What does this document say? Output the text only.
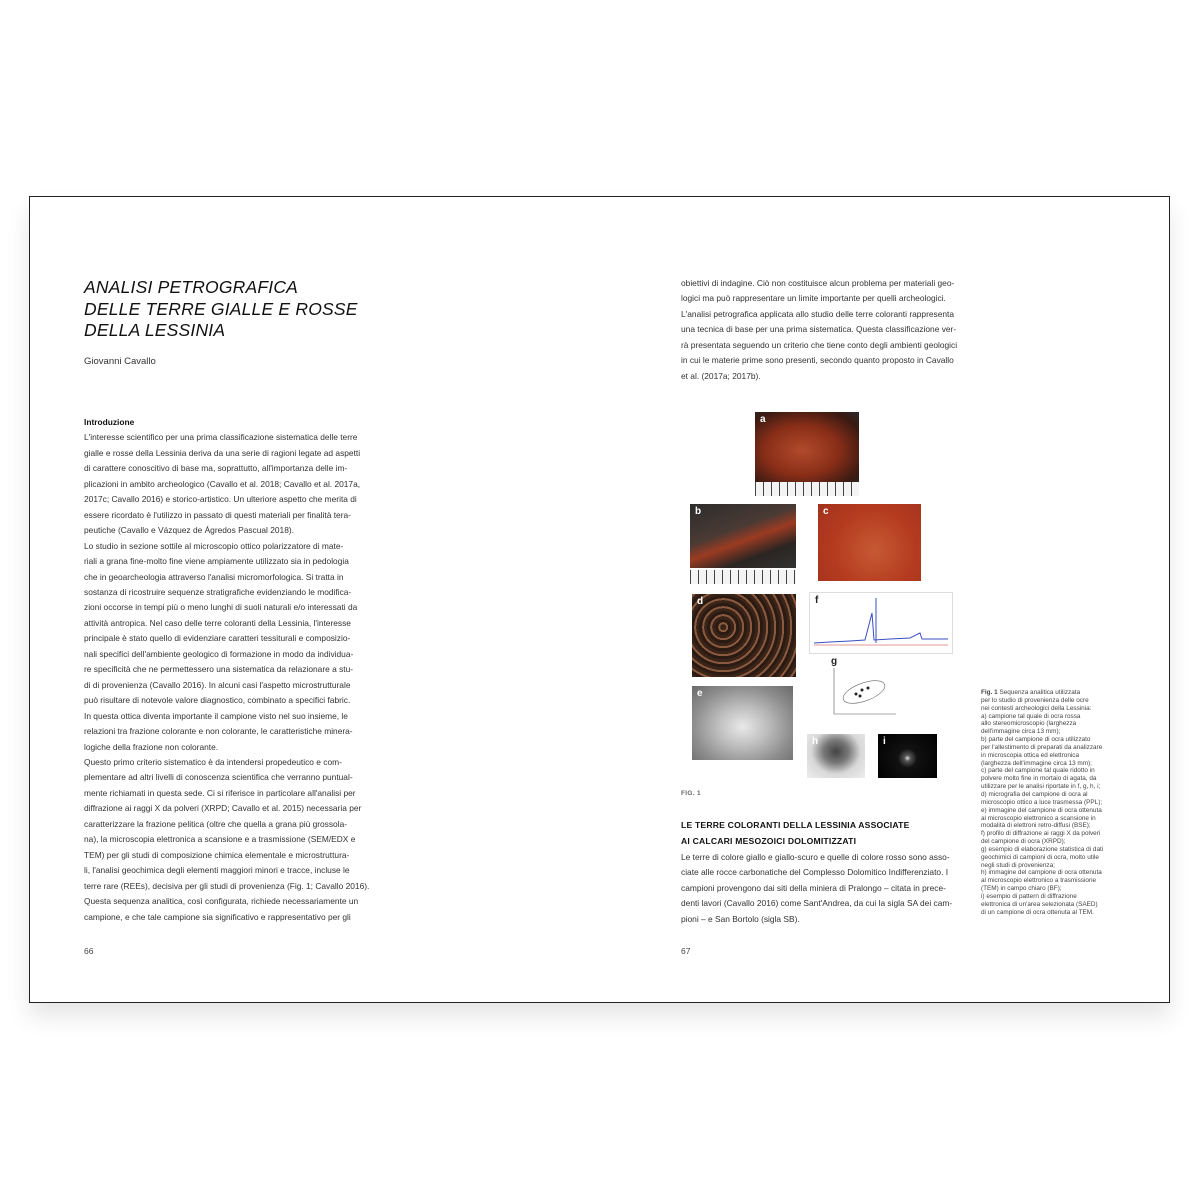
ANALISI PETROGRAFICA
DELLE TERRE GIALLE E ROSSE
DELLA LESSINIA
Giovanni Cavallo

Introduzione

L'interesse scientifico per una prima classificazione sistematica delle terre

gialle e rosse della Lessinia deriva da una serie di ragioni legate ad aspetti

di carattere conoscitivo di base ma, soprattutto, all'importanza delle im-

plicazioni in ambito archeologico (Cavallo et al. 2018; Cavallo et al. 2017a,

2017c; Cavallo 2016) e storico-artistico. Un ulteriore aspetto che merita di

essere ricordato è l'utilizzo in passato di questi materiali per finalità tera-

peutiche (Cavallo e Vázquez de Ágredos Pascual 2018).

Lo studio in sezione sottile al microscopio ottico polarizzatore di mate-

riali a grana fine-molto fine viene ampiamente utilizzato sia in pedologia

che in geoarcheologia attraverso l'analisi micromorfologica. Si tratta in

sostanza di ricostruire sequenze stratigrafiche evidenziando le modifica-

zioni occorse in tempi più o meno lunghi di suoli naturali e/o interessati da

attività antropica. Nel caso delle terre coloranti della Lessinia, l'interesse

principale è stato quello di evidenziare caratteri tessiturali e composizio-

nali specifici dell'ambiente geologico di formazione in modo da individua-

re specificità che ne permettessero una sistematica da relazionare a stu-

di di provenienza (Cavallo 2016). In alcuni casi l'aspetto microstrutturale

può risultare di notevole valore diagnostico, combinato a specifici fabric.

In questa ottica diventa importante il campione visto nel suo insieme, le

relazioni tra frazione colorante e non colorante, le caratteristiche minera-

logiche della frazione non colorante.

Questo primo criterio sistematico è da intendersi propedeutico e com-

plementare ad altri livelli di conoscenza scientifica che verranno puntual-

mente richiamati in questa sede. Ci si riferisce in particolare all'analisi per

diffrazione ai raggi X da polveri (XRPD; Cavallo et al. 2015) necessaria per

caratterizzare la frazione pelitica (oltre che quella a grana più grossola-

na), la microscopia elettronica a scansione e a trasmissione (SEM/EDX e

TEM) per gli studi di composizione chimica elementale e microstruttura-

li, l'analisi geochimica degli elementi maggiori minori e tracce, incluse le

terre rare (REEs), decisiva per gli studi di provenienza (Fig. 1; Cavallo 2016).

Questa sequenza analitica, così configurata, richiede necessariamente un

campione, e che tale campione sia significativo e rappresentativo per gli

66

obiettivi di indagine. Ciò non costituisce alcun problema per materiali geo-

logici ma può rappresentare un limite importante per quelli archeologici.

L'analisi petrografica applicata allo studio delle terre coloranti rappresenta

una tecnica di base per una prima sistematica. Questa classificazione ver-

rà presentata seguendo un criterio che tiene conto degli ambienti geologici

in cui le materie prime sono presenti, secondo quanto proposto in Cavallo

et al. (2017a; 2017b).

a
b	c
d	f
g
e
h	i
FIG. 1

LE TERRE COLORANTI DELLA LESSINIA ASSOCIATE

AI CALCARI MESOZOICI DOLOMITIZZATI

Le terre di colore giallo e giallo-scuro e quelle di colore rosso sono asso-

ciate alle rocce carbonatiche del Complesso Dolomitico Indifferenziato. I

campioni provengono dai siti della miniera di Pralongo – citata in prece-

denti lavori (Cavallo 2016) come Sant'Andrea, da cui la sigla SA dei cam-

pioni – e San Bortolo (sigla SB).

Fig. 1 Sequenza analitica utilizzata
per lo studio di provenienza delle ocre
nei contesti archeologici della Lessinia:
a) campione tal quale di ocra rossa
allo stereomicroscopio (larghezza
dell'immagine circa 13 mm);
b) parte del campione di ocra utilizzato
per l'allestimento di preparati da analizzare
in microscopia ottica ed elettronica
(larghezza dell'immagine circa 13 mm);
c) parte del campione tal quale ridotto in
polvere molto fine in mortaio di agata, da
utilizzare per le analisi riportate in f, g, h, i;
d) micrografia del campione di ocra al
microscopio ottico a luce trasmessa (PPL);
e) immagine del campione di ocra ottenuta
al microscopio elettronico a scansione in
modalità di elettroni retro-diffusi (BSE);
f) profilo di diffrazione ai raggi X da polveri
del campione di ocra (XRPD);
g) esempio di elaborazione statistica di dati
geochimici di campioni di ocra, molto utile
negli studi di provenienza;
h) immagine del campione di ocra ottenuta
al microscopio elettronico a trasmissione
(TEM) in campo chiaro (BF);
i) esempio di pattern di diffrazione
elettronica di un'area selezionata (SAED)
di un campione di ocra ottenuta al TEM.
67
